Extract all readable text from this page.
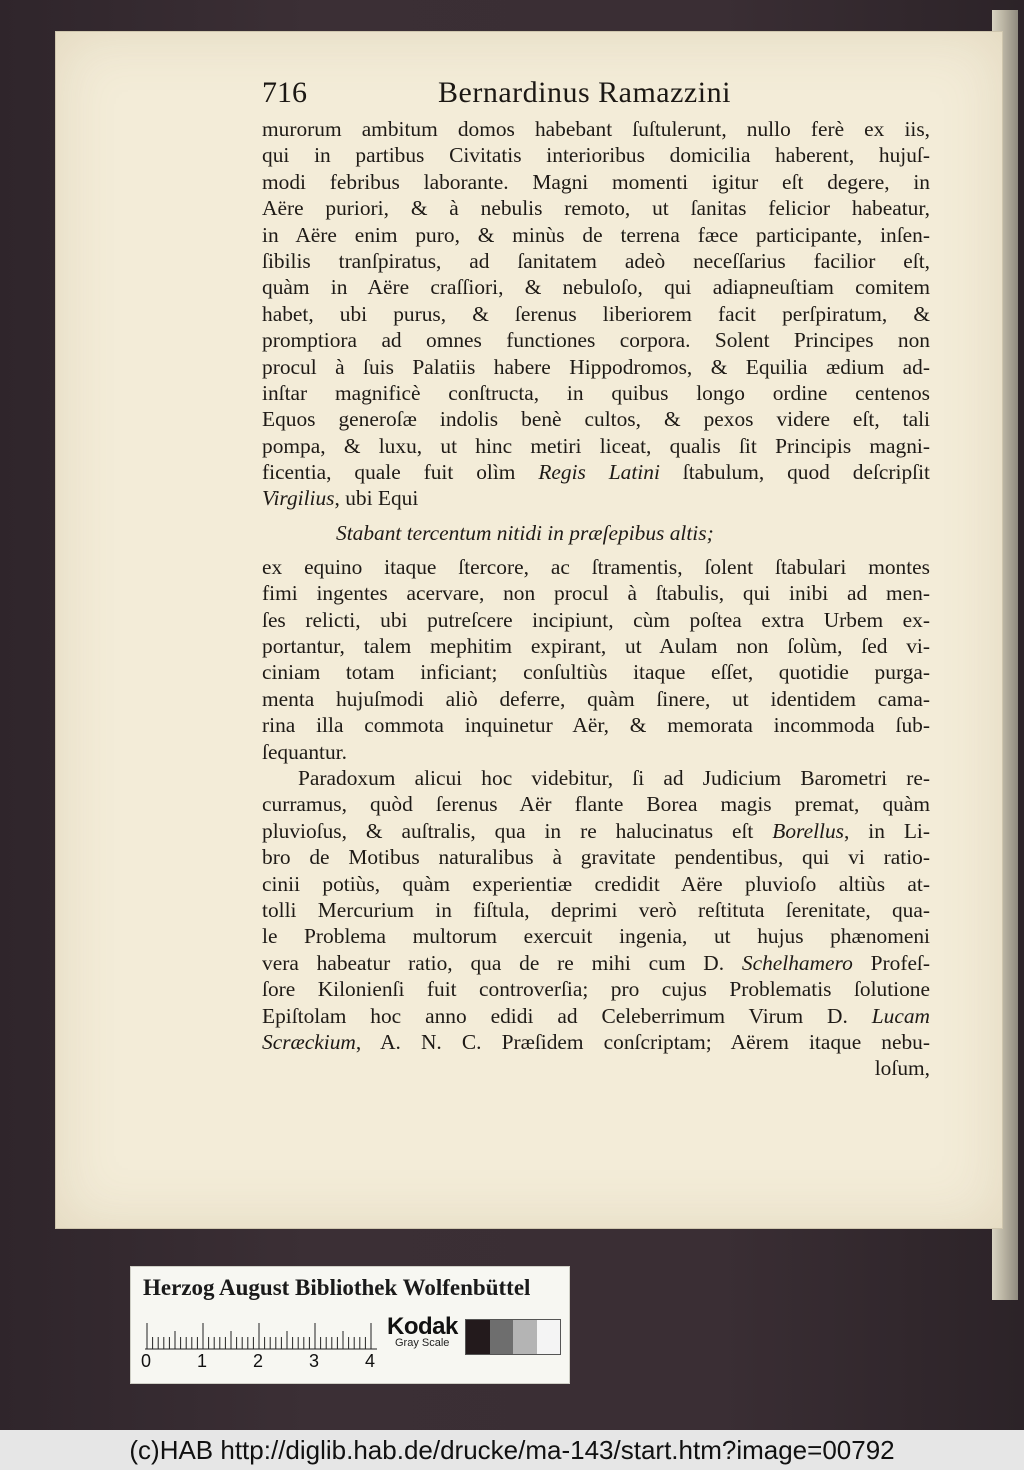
716	Bernardinus Ramazzini
murorum ambitum domos habebant ſuſtulerunt, nullo ferè ex iis,
qui in partibus Civitatis interioribus domicilia haberent, hujuſ-
modi febribus laborante. Magni momenti igitur eſt degere, in
Aëre puriori, & à nebulis remoto, ut ſanitas felicior habeatur,
in Aëre enim puro, & minùs de terrena fæce participante, inſen-
ſibilis tranſpiratus, ad ſanitatem adeò neceſſarius facilior eſt,
quàm in Aëre craſſiori, & nebuloſo, qui adiapneuſtiam comitem
habet, ubi purus, & ſerenus liberiorem facit perſpiratum, &
promptiora ad omnes functiones corpora. Solent Principes non
procul à ſuis Palatiis habere Hippodromos, & Equilia ædium ad-
inſtar magnificè conſtructa, in quibus longo ordine centenos
Equos generoſæ indolis benè cultos, & pexos videre eſt, tali
pompa, & luxu, ut hinc metiri liceat, qualis ſit Principis magni-
ficentia, quale fuit olìm Regis Latini ſtabulum, quod deſcripſit
Virgilius, ubi Equi
Stabant tercentum nitidi in præſepibus altis;
ex equino itaque ſtercore, ac ſtramentis, ſolent ſtabulari montes
fimi ingentes acervare, non procul à ſtabulis, qui inibi ad men-
ſes relicti, ubi putreſcere incipiunt, cùm poſtea extra Urbem ex-
portantur, talem mephitim expirant, ut Aulam non ſolùm, ſed vi-
ciniam totam inficiant; conſultiùs itaque eſſet, quotidie purga-
menta hujuſmodi aliò deferre, quàm ſinere, ut identidem cama-
rina illa commota inquinetur Aër, & memorata incommoda ſub-
ſequantur.
Paradoxum alicui hoc videbitur, ſi ad Judicium Barometri re-
curramus, quòd ſerenus Aër flante Borea magis premat, quàm
pluvioſus, & auſtralis, qua in re halucinatus eſt Borellus, in Li-
bro de Motibus naturalibus à gravitate pendentibus, qui vi ratio-
cinii potiùs, quàm experientiæ credidit Aëre pluvioſo altiùs at-
tolli Mercurium in fiſtula, deprimi verò reſtituta ſerenitate, qua-
le Problema multorum exercuit ingenia, ut hujus phænomeni
vera habeatur ratio, qua de re mihi cum D. Schelhamero Profeſ-
ſore Kilonienſi fuit controverſia; pro cujus Problematis ſolutione
Epiſtolam hoc anno edidi ad Celeberrimum Virum D. Lucam
Scræckium, A. N. C. Præſidem conſcriptam; Aërem itaque nebu-
loſum,
Herzog August Bibliothek Wolfenbüttel
0	1	2	3	4
Kodak
Gray Scale
(c)HAB http://diglib.hab.de/drucke/ma-143/start.htm?image=00792
